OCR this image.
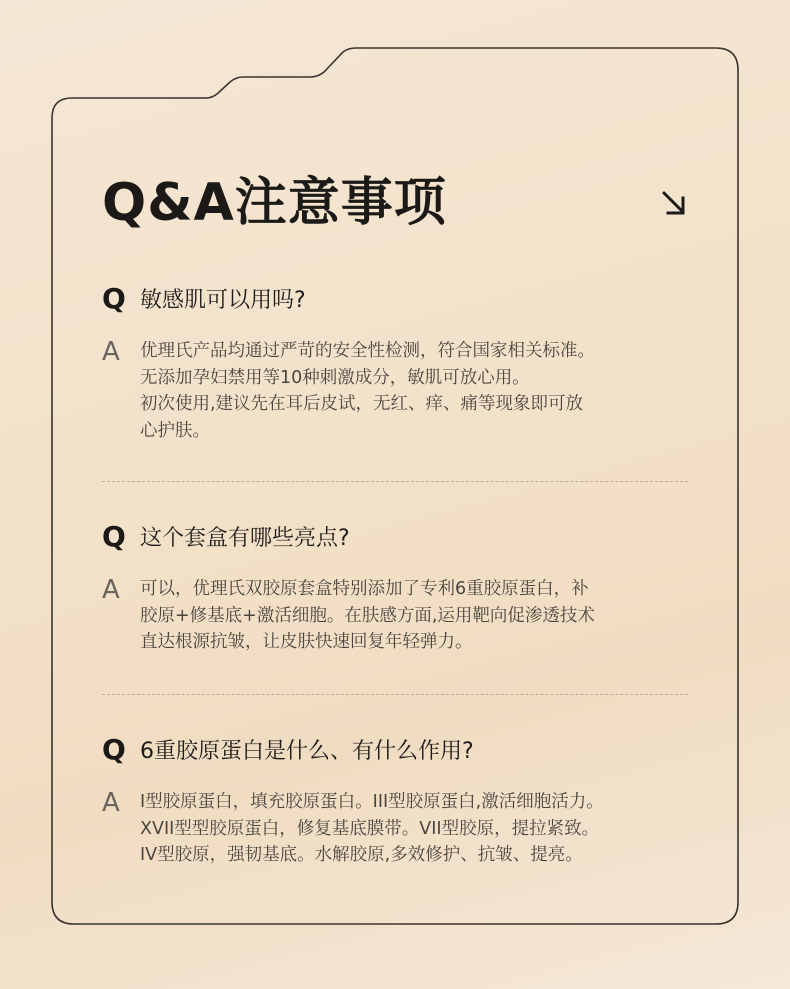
Q&A注意事项
Q 敏感肌可以用吗?
A	优理氏产品均通过严苛的安全性检测，符合国家相关标准。
无添加孕妇禁用等10种刺激成分，敏肌可放心用。
初次使用,建议先在耳后皮试，无红、痒、痛等现象即可放
心护肤。
Q 这个套盒有哪些亮点?
A	可以，优理氏双胶原套盒特别添加了专利6重胶原蛋白，补
胶原+修基底+激活细胞。在肤感方面,运用靶向促渗透技术
直达根源抗皱，让皮肤快速回复年轻弹力。
Q 6重胶原蛋白是什么、有什么作用?
A	I型胶原蛋白，填充胶原蛋白。III型胶原蛋白,激活细胞活力。
XVII型型胶原蛋白，修复基底膜带。VII型胶原，提拉紧致。
IV型胶原，强韧基底。水解胶原,多效修护、抗皱、提亮。
